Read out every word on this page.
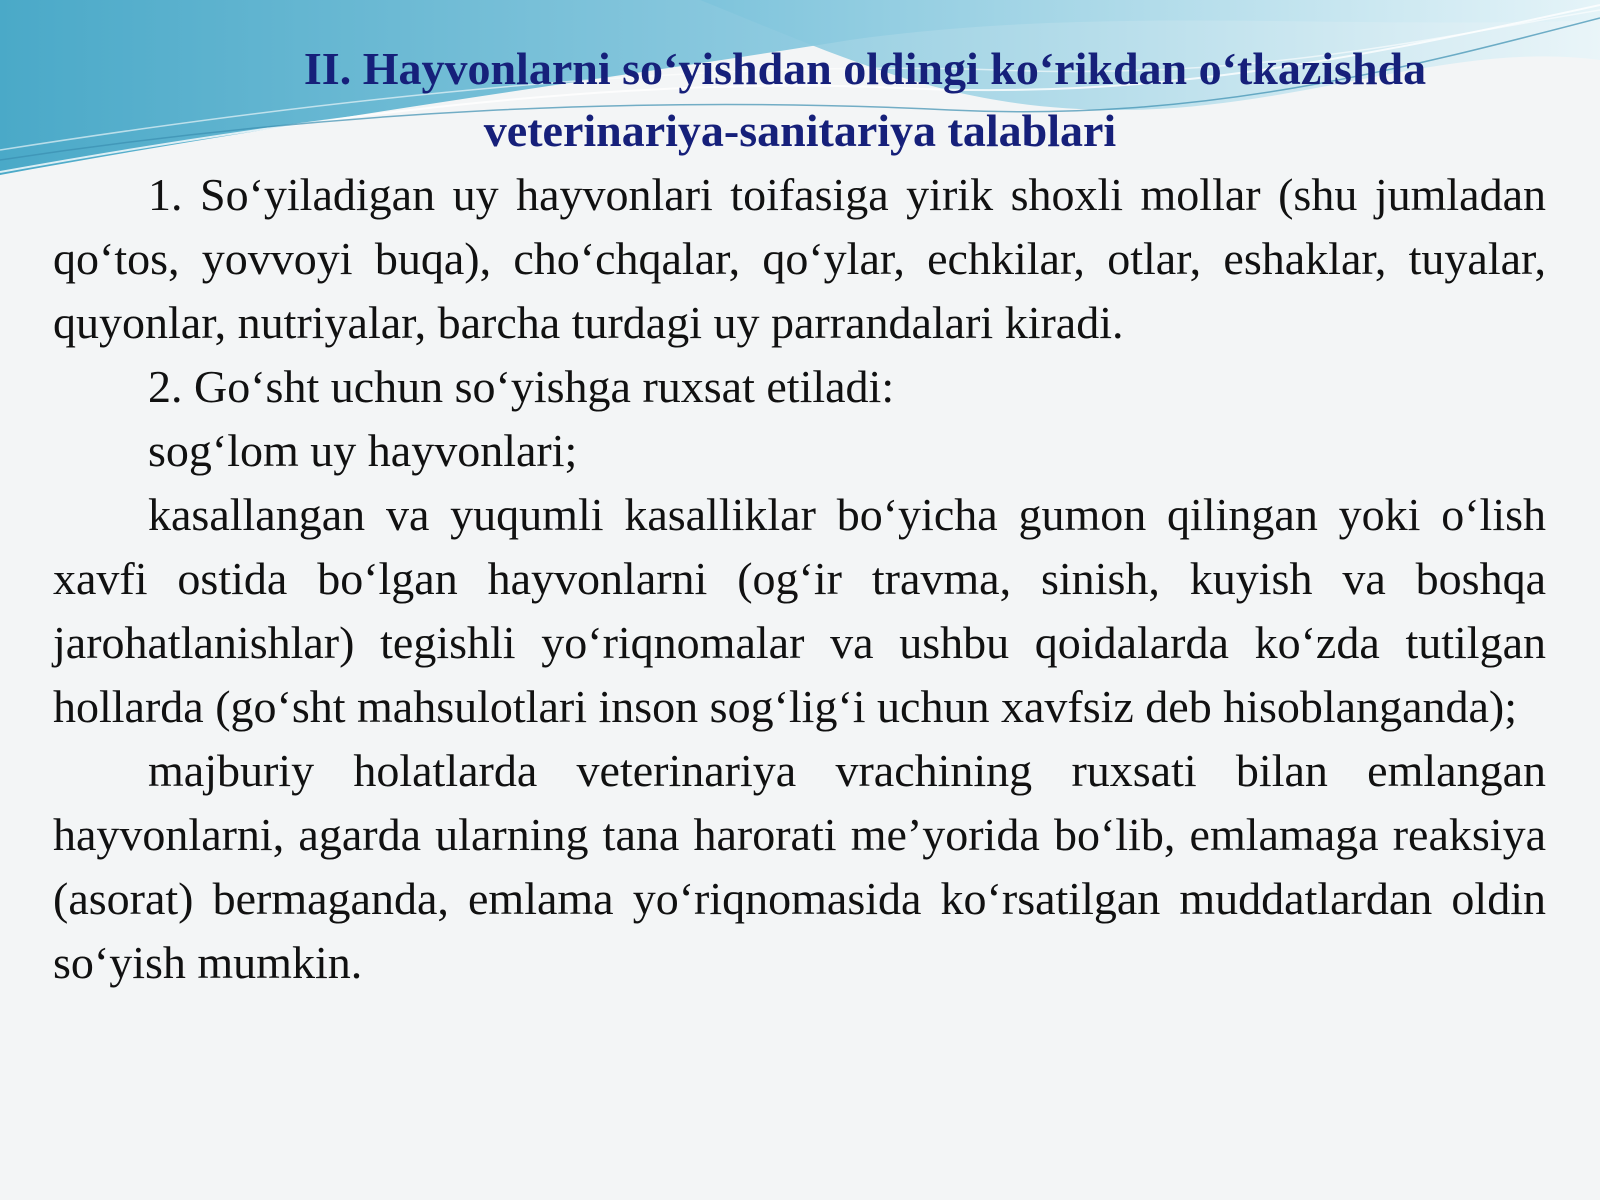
II. Hayvonlarni so‘yishdan oldingi ko‘rikdan o‘tkazishda
veterinariya-sanitariya talablari

1. So‘yiladigan uy hayvonlari toifasiga yirik shoxli mollar (shu jumladan qo‘tos, yovvoyi buqa), cho‘chqalar, qo‘ylar, echkilar, otlar, eshaklar, tuyalar, quyonlar, nutriyalar, barcha turdagi uy parrandalari kiradi.

2. Go‘sht uchun so‘yishga ruxsat etiladi:

sog‘lom uy hayvonlari;

kasallangan va yuqumli kasalliklar bo‘yicha gumon qilingan yoki o‘lish xavfi ostida bo‘lgan hayvonlarni (og‘ir travma, sinish, kuyish va boshqa jarohatlanishlar) tegishli yo‘riqnomalar va ushbu qoidalarda ko‘zda tutilgan hollarda (go‘sht mahsulotlari inson sog‘lig‘i uchun xavfsiz deb hisoblanganda);

majburiy holatlarda veterinariya vrachining ruxsati bilan emlangan hayvonlarni, agarda ularning tana harorati me’yorida bo‘lib, emlamaga reaksiya (asorat) bermaganda, emlama yo‘riqnomasida ko‘rsatilgan muddatlardan oldin so‘yish mumkin.
